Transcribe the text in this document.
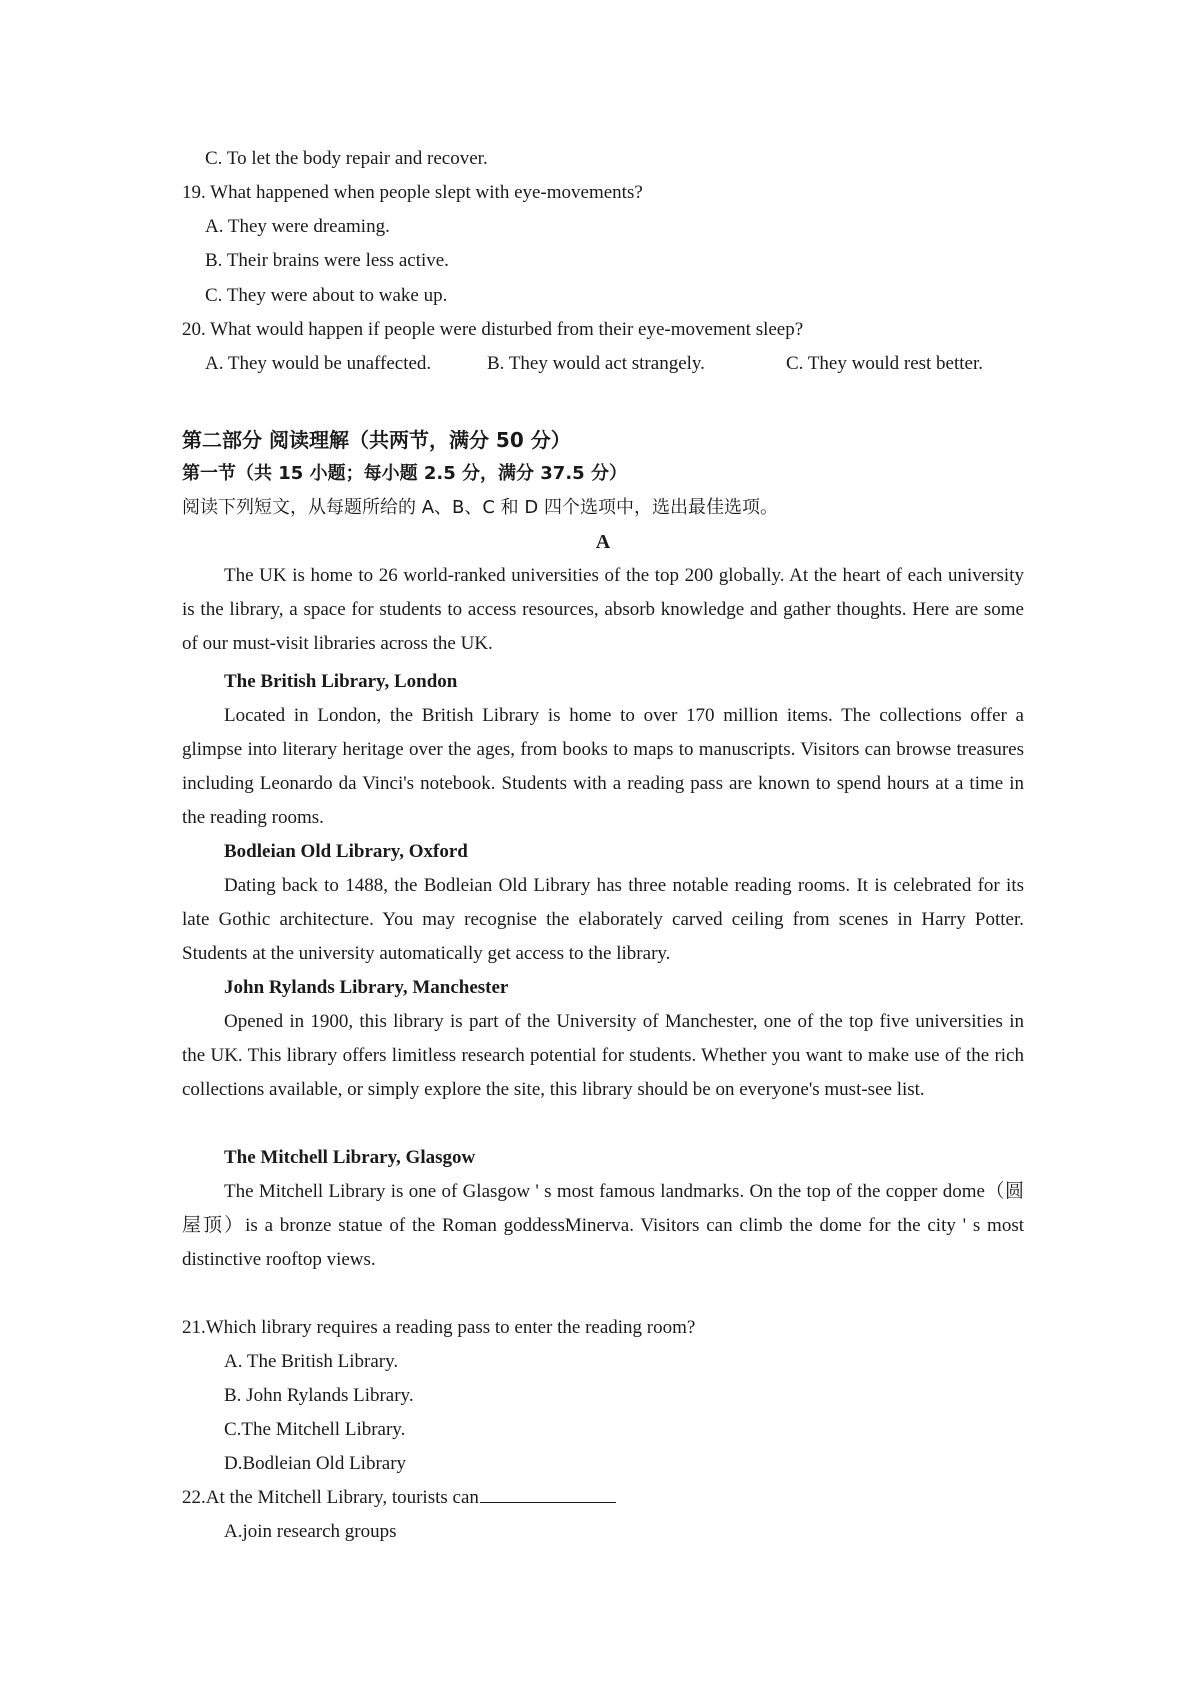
C. To let the body repair and recover.
19. What happened when people slept with eye-movements?
A. They were dreaming.
B. Their brains were less active.
C. They were about to wake up.
20. What would happen if people were disturbed from their eye-movement sleep?
A. They would be unaffected.	B. They would act strangely.	C. They would rest better.
第二部分 阅读理解（共两节，满分 50 分）
第一节（共 15 小题；每小题 2.5 分，满分 37.5 分）
阅读下列短文，从每题所给的 A、B、C 和 D 四个选项中，选出最佳选项。
A
The UK is home to 26 world-ranked universities of the top 200 globally. At the heart of each university is the library, a space for students to access resources, absorb knowledge and gather thoughts. Here are some of our must-visit libraries across the UK.
The British Library, London
Located in London, the British Library is home to over 170 million items. The collections offer a glimpse into literary heritage over the ages, from books to maps to manuscripts. Visitors can browse treasures including Leonardo da Vinci's notebook. Students with a reading pass are known to spend hours at a time in the reading rooms.
Bodleian Old Library, Oxford
Dating back to 1488, the Bodleian Old Library has three notable reading rooms. It is celebrated for its late Gothic architecture. You may recognise the elaborately carved ceiling from scenes in Harry Potter. Students at the university automatically get access to the library.
John Rylands Library, Manchester
Opened in 1900, this library is part of the University of Manchester, one of the top five universities in the UK. This library offers limitless research potential for students. Whether you want to make use of the rich collections available, or simply explore the site, this library should be on everyone's must-see list.
The Mitchell Library, Glasgow
The Mitchell Library is one of Glasgow ' s most famous landmarks. On the top of the copper dome（圆屋顶）is a bronze statue of the Roman goddessMinerva. Visitors can climb the dome for the city ' s most distinctive rooftop views.
21.Which library requires a reading pass to enter the reading room?
A. The British Library.
B. John Rylands Library.
C.The Mitchell Library.
D.Bodleian Old Library
22.At the Mitchell Library, tourists can
A.join research groups
